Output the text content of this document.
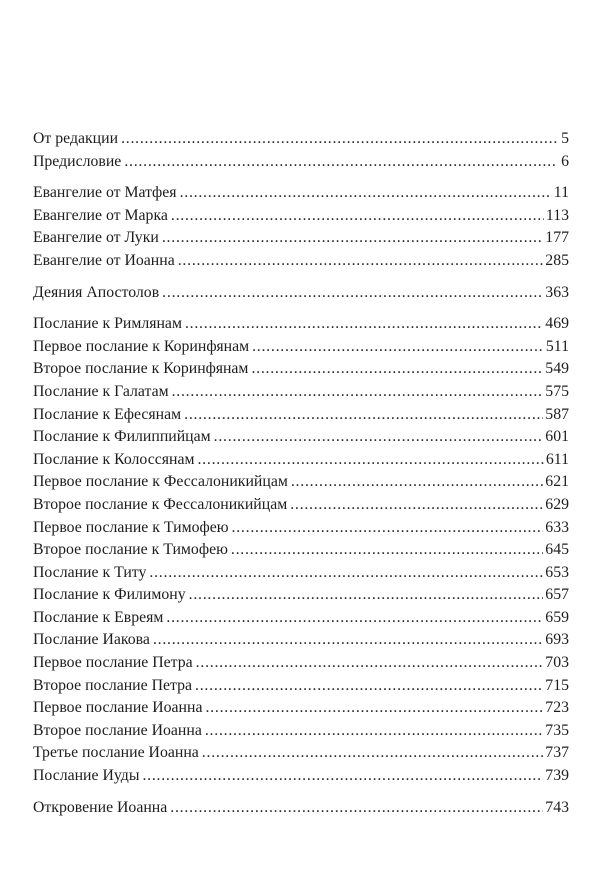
От редакции . . .	5
Предисловие . . .	6
Евангелие от Матфея . . .	11
Евангелие от Марка . . .	113
Евангелие от Луки . . .	177
Евангелие от Иоанна . . .	285
Деяния Апостолов . . .	363
Послание к Римлянам . . .	469
Первое послание к Коринфянам . . .	511
Второе послание к Коринфянам . . .	549
Послание к Галатам . . .	575
Послание к Ефесянам . . .	587
Послание к Филиппийцам . . .	601
Послание к Колоссянам . . .	611
Первое послание к Фессалоникийцам . . .	621
Второе послание к Фессалоникийцам . . .	629
Первое послание к Тимофею . . .	633
Второе послание к Тимофею . . .	645
Послание к Титу . . .	653
Послание к Филимону . . .	657
Послание к Евреям . . .	659
Послание Иакова . . .	693
Первое послание Петра . . .	703
Второе послание Петра . . .	715
Первое послание Иоанна . . .	723
Второе послание Иоанна . . .	735
Третье послание Иоанна . . .	737
Послание Иуды . . .	739
Откровение Иоанна . . .	743
